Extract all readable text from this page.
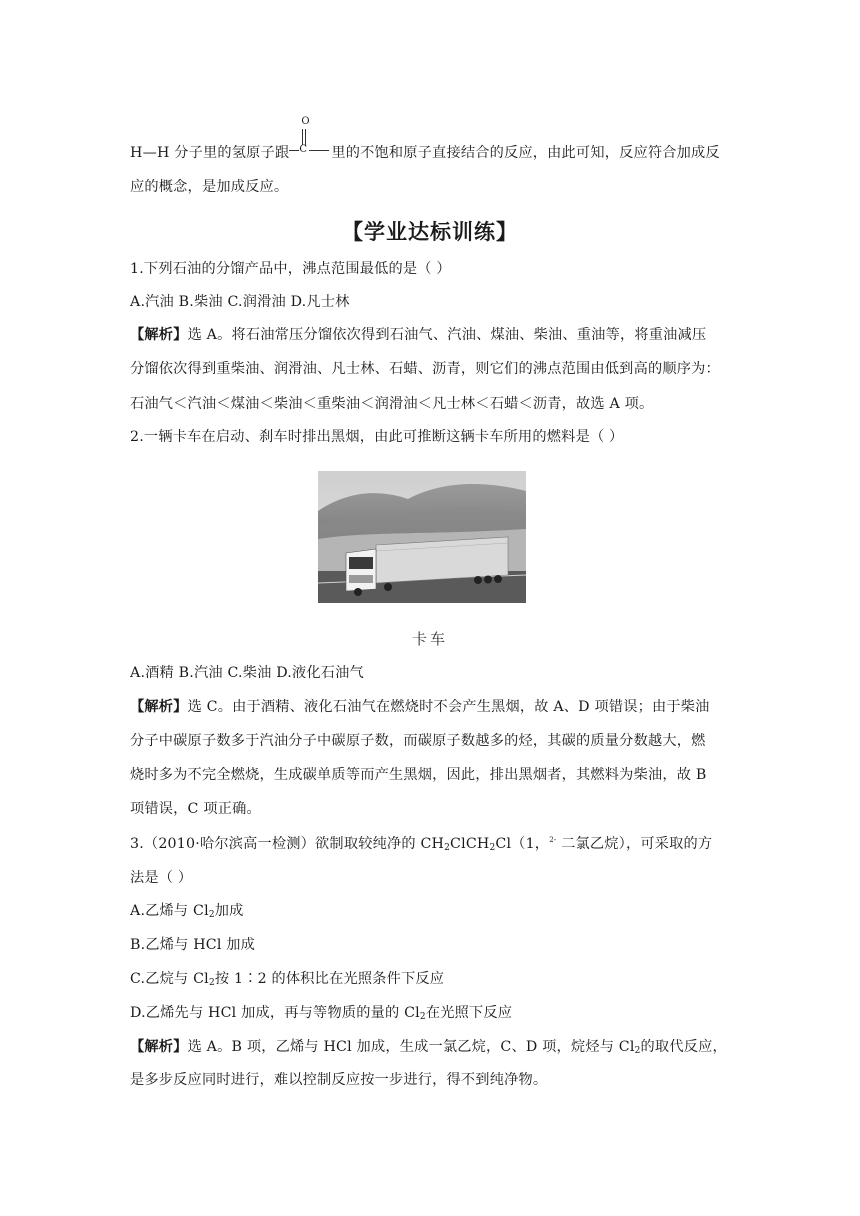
H—H 分子里的氢原子跟 $\frac{O}{C}$ 里的不饱和原子直接结合的反应，由此可知，反应符合加成反
应的概念，是加成反应。
【学业达标训练】
1.下列石油的分馏产品中，沸点范围最低的是（ ）
A.汽油 B.柴油 C.润滑油 D.凡士林
【解析】选 A。将石油常压分馏依次得到石油气、汽油、煤油、柴油、重油等，将重油减压
分馏依次得到重柴油、润滑油、凡士林、石蜡、沥青，则它们的沸点范围由低到高的顺序为：
石油气＜汽油＜煤油＜柴油＜重柴油＜润滑油＜凡士林＜石蜡＜沥青，故选 A 项。
2.一辆卡车在启动、刹车时排出黑烟，由此可推断这辆卡车所用的燃料是（ ）
卡车
A.酒精 B.汽油 C.柴油 D.液化石油气
【解析】选 C。由于酒精、液化石油气在燃烧时不会产生黑烟，故 A、D 项错误；由于柴油
分子中碳原子数多于汽油分子中碳原子数，而碳原子数越多的烃，其碳的质量分数越大，燃
烧时多为不完全燃烧，生成碳单质等而产生黑烟，因此，排出黑烟者，其燃料为柴油，故 B
项错误，C 项正确。
3.（2010·哈尔滨高一检测）欲制取较纯净的 $CH_2ClCH_2Cl(1$，$^{2-}$ 二氯乙烷），可采取的方
法是（ ）
A.乙烯与 $Cl_2$加成
B.乙烯与 HCl 加成
C.乙烷与 $Cl_2$按 1∶2 的体积比在光照条件下反应
D.乙烯先与 HCl 加成，再与等物质的量的 $Cl_2$在光照下反应
【解析】选 A。B 项，乙烯与 HCl 加成，生成一氯乙烷，C、D 项，烷烃与 $Cl_2$的取代反应，
是多步反应同时进行，难以控制反应按一步进行，得不到纯净物。
